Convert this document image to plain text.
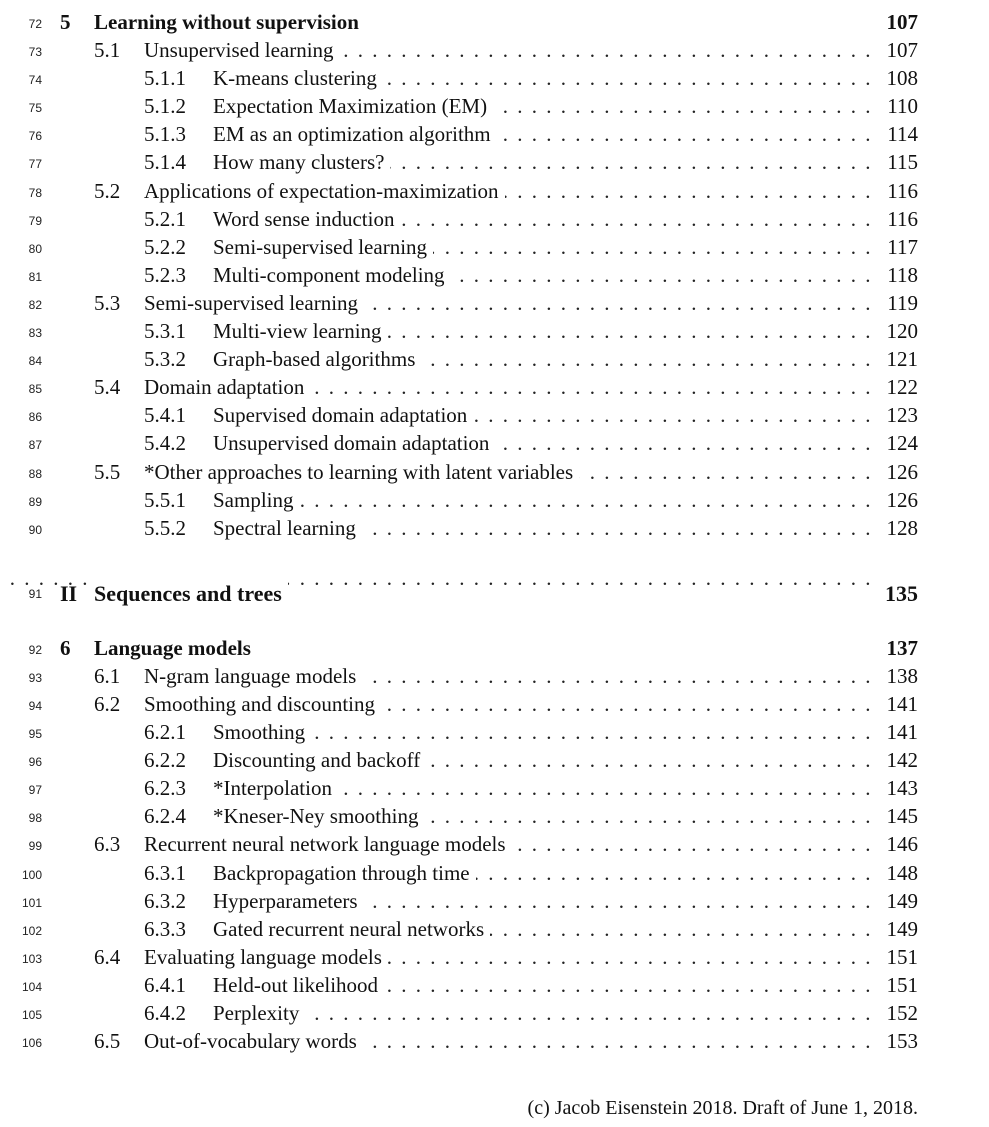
72 5 Learning without supervision	107
73 . . . 5.1 Unsupervised learning	107
74 . . .	5.1.1 K-means clustering	108
75 . . .	5.1.2 Expectation Maximization (EM)	110
76 . . .	5.1.3 EM as an optimization algorithm	114
77 . . .	5.1.4 How many clusters?	115
78 . . . 5.2 Applications of expectation-maximization	116
79 . . .	5.2.1 Word sense induction	116
80 . . .	5.2.2 Semi-supervised learning	117
81 . . .	5.2.3 Multi-component modeling	118
82 . . . 5.3 Semi-supervised learning	119
83 . . .	5.3.1 Multi-view learning	120
84 . . .	5.3.2 Graph-based algorithms	121
85 . . . 5.4 Domain adaptation	122
86 . . .	5.4.1 Supervised domain adaptation	123
87 . . .	5.4.2 Unsupervised domain adaptation	124
88 . . . 5.5 *Other approaches to learning with latent variables	126
89 . . .	5.5.1 Sampling	126
90 . . .	5.5.2 Spectral learning	128
91
. . . II Sequences and trees	135
92 6 Language models	137
93 . . . 6.1 N-gram language models	138
94 . . . 6.2 Smoothing and discounting	141
95 . . .	6.2.1 Smoothing	141
96 . . .	6.2.2 Discounting and backoff	142
97 . . .	6.2.3 *Interpolation	143
98 . . .	6.2.4 *Kneser-Ney smoothing	145
99 . . . 6.3 Recurrent neural network language models	146
100 . . .	6.3.1 Backpropagation through time	148
101 . . .	6.3.2 Hyperparameters	149
102 . . .	6.3.3 Gated recurrent neural networks	149
103 . . . 6.4 Evaluating language models	151
104 . . .	6.4.1 Held-out likelihood	151
105 . . .	6.4.2 Perplexity	152
106 . . . 6.5 Out-of-vocabulary words	153
(c) Jacob Eisenstein 2018. Draft of June 1, 2018.
